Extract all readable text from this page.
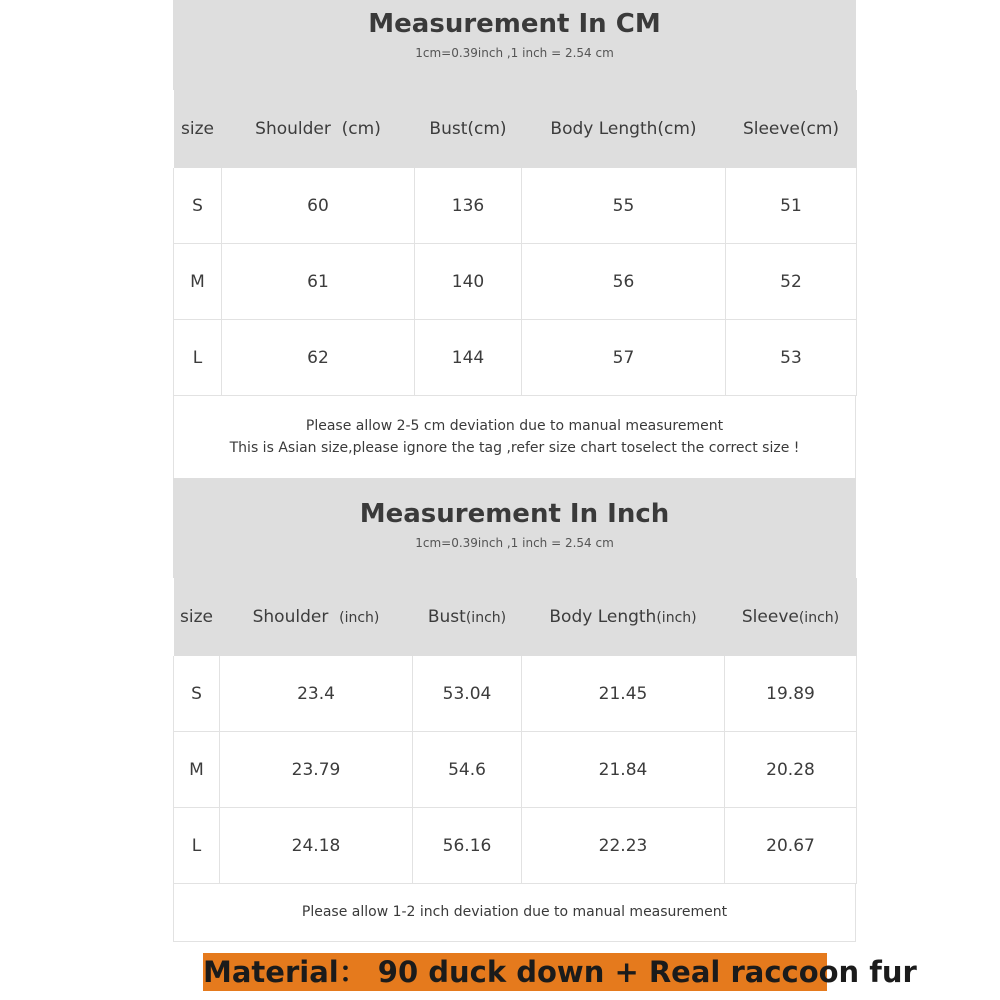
Measurement In CM
1cm=0.39inch ,1 inch = 2.54 cm
size	Shoulder  (cm)	Bust(cm)	Body Length(cm)	Sleeve(cm)
S	60	136	55	51
M	61	140	56	52
L	62	144	57	53
Please allow 2-5 cm deviation due to manual measurement
This is Asian size,please ignore the tag ,refer size chart toselect the correct size !
Measurement In Inch
1cm=0.39inch ,1 inch = 2.54 cm
size	Shoulder  (inch)	Bust(inch)	Body Length(inch)	Sleeve(inch)
S	23.4	53.04	21.45	19.89
M	23.79	54.6	21.84	20.28
L	24.18	56.16	22.23	20.67
Please allow 1-2 inch deviation due to manual measurement
Material： 90 duck down + Real raccoon fur
